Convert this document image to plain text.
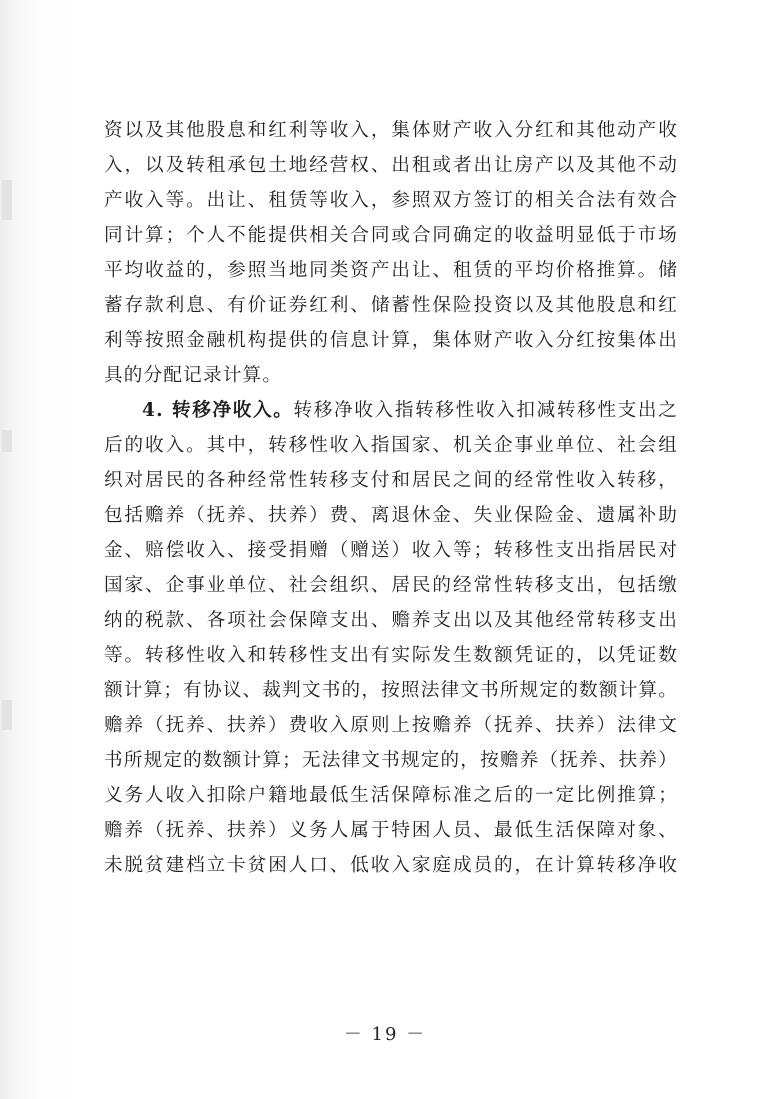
资以及其他股息和红利等收入，集体财产收入分红和其他动产收
入，以及转租承包土地经营权、出租或者出让房产以及其他不动
产收入等。出让、租赁等收入，参照双方签订的相关合法有效合
同计算；个人不能提供相关合同或合同确定的收益明显低于市场
平均收益的，参照当地同类资产出让、租赁的平均价格推算。储
蓄存款利息、有价证券红利、储蓄性保险投资以及其他股息和红
利等按照金融机构提供的信息计算，集体财产收入分红按集体出
具的分配记录计算。
4. 转移净收入。转移净收入指转移性收入扣减转移性支出之
后的收入。其中，转移性收入指国家、机关企事业单位、社会组
织对居民的各种经常性转移支付和居民之间的经常性收入转移，
包括赡养（抚养、扶养）费、离退休金、失业保险金、遗属补助
金、赔偿收入、接受捐赠（赠送）收入等；转移性支出指居民对
国家、企事业单位、社会组织、居民的经常性转移支出，包括缴
纳的税款、各项社会保障支出、赡养支出以及其他经常转移支出
等。转移性收入和转移性支出有实际发生数额凭证的，以凭证数
额计算；有协议、裁判文书的，按照法律文书所规定的数额计算。
赡养（抚养、扶养）费收入原则上按赡养（抚养、扶养）法律文
书所规定的数额计算；无法律文书规定的，按赡养（抚养、扶养）
义务人收入扣除户籍地最低生活保障标准之后的一定比例推算；
赡养（抚养、扶养）义务人属于特困人员、最低生活保障对象、
未脱贫建档立卡贫困人口、低收入家庭成员的，在计算转移净收
－ 19 －
